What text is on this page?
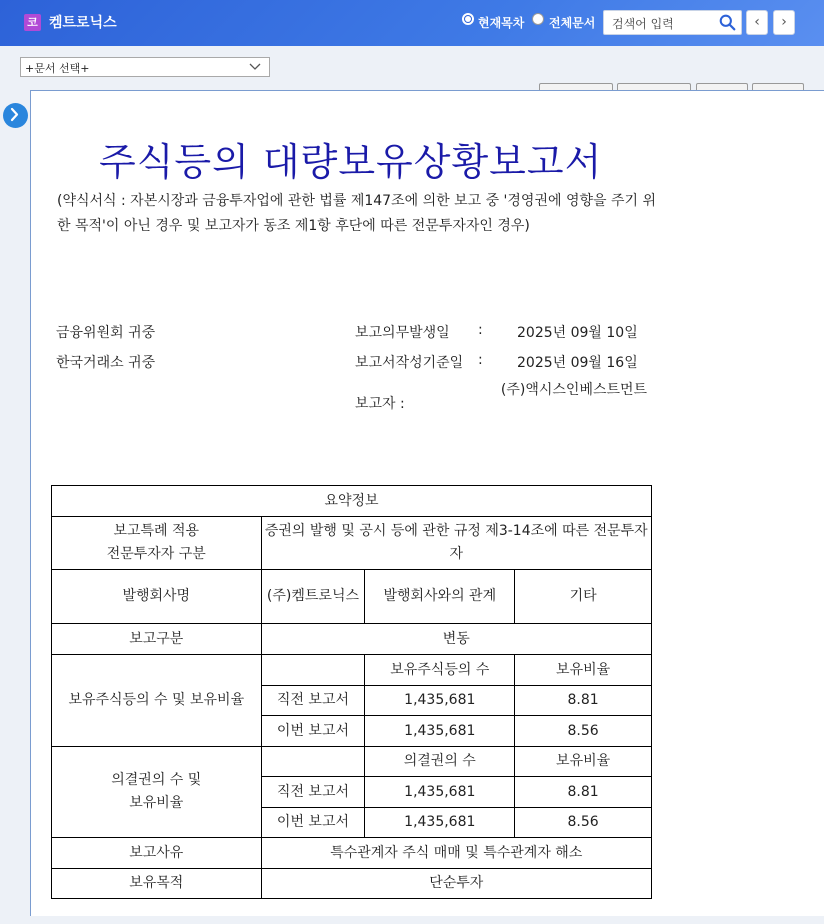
코 켐트로닉스	현재목차 전체문서	검색어 입력	‹	›
+문서 선택+
주식등의 대량보유상황보고서
(약식서식 : 자본시장과 금융투자업에 관한 법률 제147조에 의한 보고 중 '경영권에 영향을 주기 위한 목적'이 아닌 경우 및 보고자가 동조 제1항 후단에 따른 전문투자자인 경우)
금융위원회 귀중
한국거래소 귀중
보고의무발생일 : 2025년 09월 10일
보고서작성기준일 : 2025년 09월 16일
보고자 :
(주)액시스인베스트먼트
요약정보			
보고특례 적용
전문투자자 구분	증권의 발행 및 공시 등에 관한 규정 제3-14조에 따른 전문투자자		
발행회사명	(주)켐트로닉스	발행회사와의 관계	기타
보고구분	변동		
보유주식등의 수 및 보유비율		보유주식등의 수	보유비율
	직전 보고서	1,435,681	8.81
	이번 보고서	1,435,681	8.56
의결권의 수 및
보유비율		의결권의 수	보유비율
	직전 보고서	1,435,681	8.81
	이번 보고서	1,435,681	8.56
보고사유	특수관계자 주식 매매 및 특수관계자 해소		
보유목적	단순투자		
